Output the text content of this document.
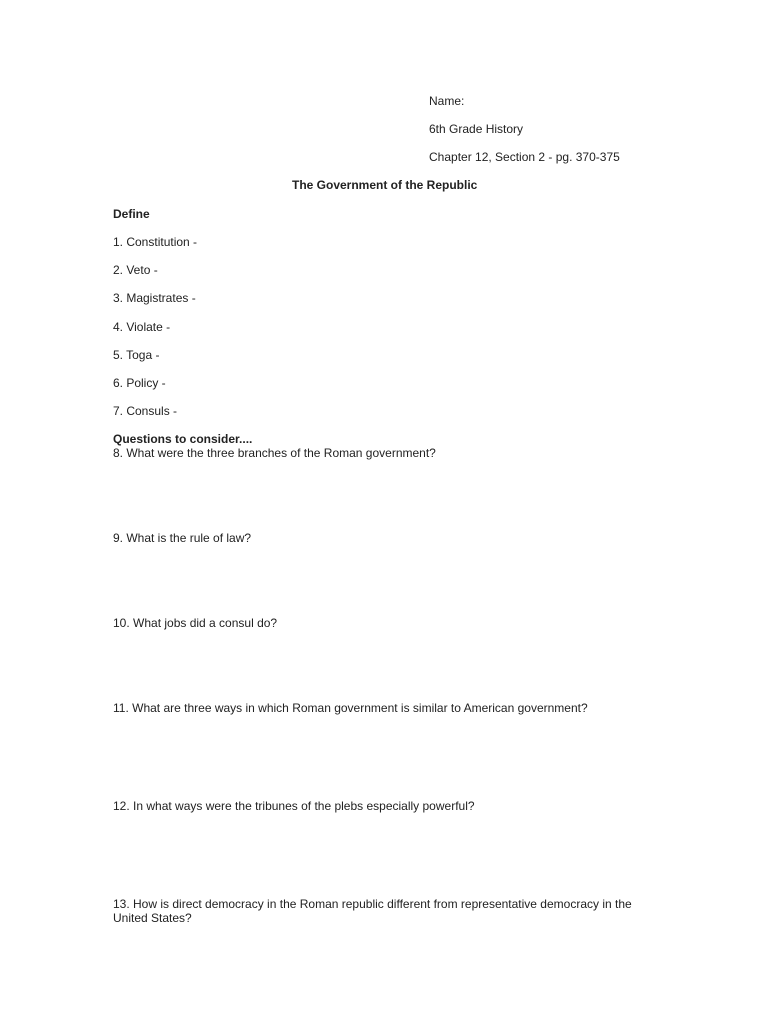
Name:
6th Grade History
Chapter 12, Section 2 - pg. 370-375
The Government of the Republic
Define
1. Constitution -
2. Veto -
3. Magistrates -
4. Violate -
5. Toga -
6. Policy -
7. Consuls -
Questions to consider....
8. What were the three branches of the Roman government?
9. What is the rule of law?
10. What jobs did a consul do?
11. What are three ways in which Roman government is similar to American government?
12. In what ways were the tribunes of the plebs especially powerful?
13. How is direct democracy in the Roman republic different from representative democracy in the United States?
